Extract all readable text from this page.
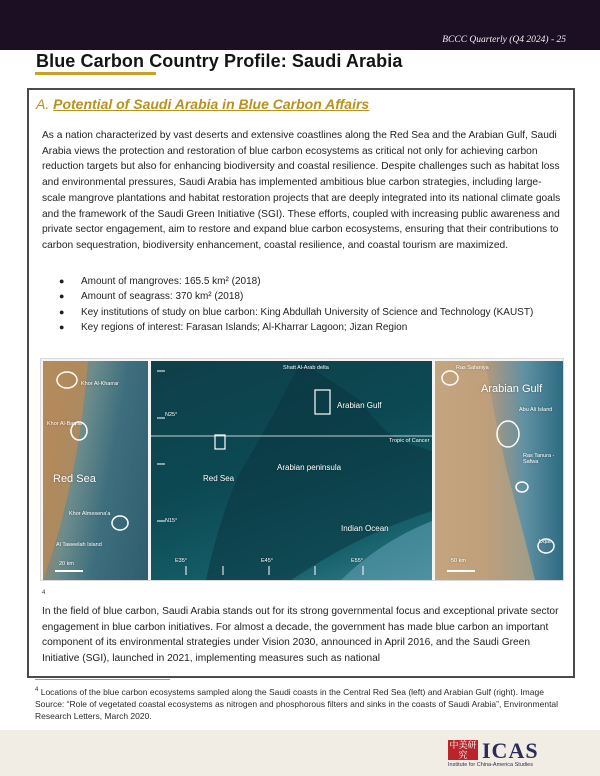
BCCC Quarterly (Q4 2024) - 25
Blue Carbon Country Profile: Saudi Arabia
A. Potential of Saudi Arabia in Blue Carbon Affairs

As a nation characterized by vast deserts and extensive coastlines along the Red Sea and the Arabian Gulf, Saudi Arabia views the protection and restoration of blue carbon ecosystems as critical not only for achieving carbon reduction targets but also for enhancing biodiversity and coastal resilience. Despite challenges such as habitat loss and environmental pressures, Saudi Arabia has implemented ambitious blue carbon strategies, including large-scale mangrove plantations and habitat restoration projects that are deeply integrated into its national climate goals and the framework of the Saudi Green Initiative (SGI). These efforts, coupled with increasing public awareness and private sector engagement, aim to restore and expand blue carbon ecosystems, ensuring that their contributions to carbon sequestration, biodiversity enhancement, coastal resilience, and coastal tourism are maximized.

●	Amount of mangroves: 165.5 km² (2018)
●	Amount of seagrass: 370 km² (2018)
●	Key institutions of study on blue carbon: King Abdullah University of Science and Technology (KAUST)
●	Key regions of interest: Farasan Islands; Al-Kharrar Lagoon; Jizan Region
Khor Al-Kharrar
Khor Al-Baqila
Red Sea
Khor Almesena'a
Al Taweelah Island
20 km
Shatt Al-Arab delta
Arabian Gulf
N25°
Tropic of Cancer
Red Sea
Arabian peninsula
N15°
Indian Ocean
E35°	E45°	E55°
Ras Safaniya
Arabian Gulf
Abu Ali Island
Ras Tanura - Safwa
Uqair
50 km
4

In the field of blue carbon, Saudi Arabia stands out for its strong governmental focus and exceptional private sector engagement in blue carbon initiatives. For almost a decade, the government has made blue carbon an important component of its environmental strategies under Vision 2030, announced in April 2016, and the Saudi Green Initiative (SGI), launched in 2021, implementing measures such as national

$^4$ Locations of the blue carbon ecosystems sampled along the Saudi coasts in the Central Red Sea (left) and Arabian Gulf (right). Image Source: “Role of vegetated coastal ecosystems as nitrogen and phosphorous filters and sinks in the coasts of Saudi Arabia”, Environmental Research Letters, March 2020.
中美研究 ICAS
Institute for China-America Studies
